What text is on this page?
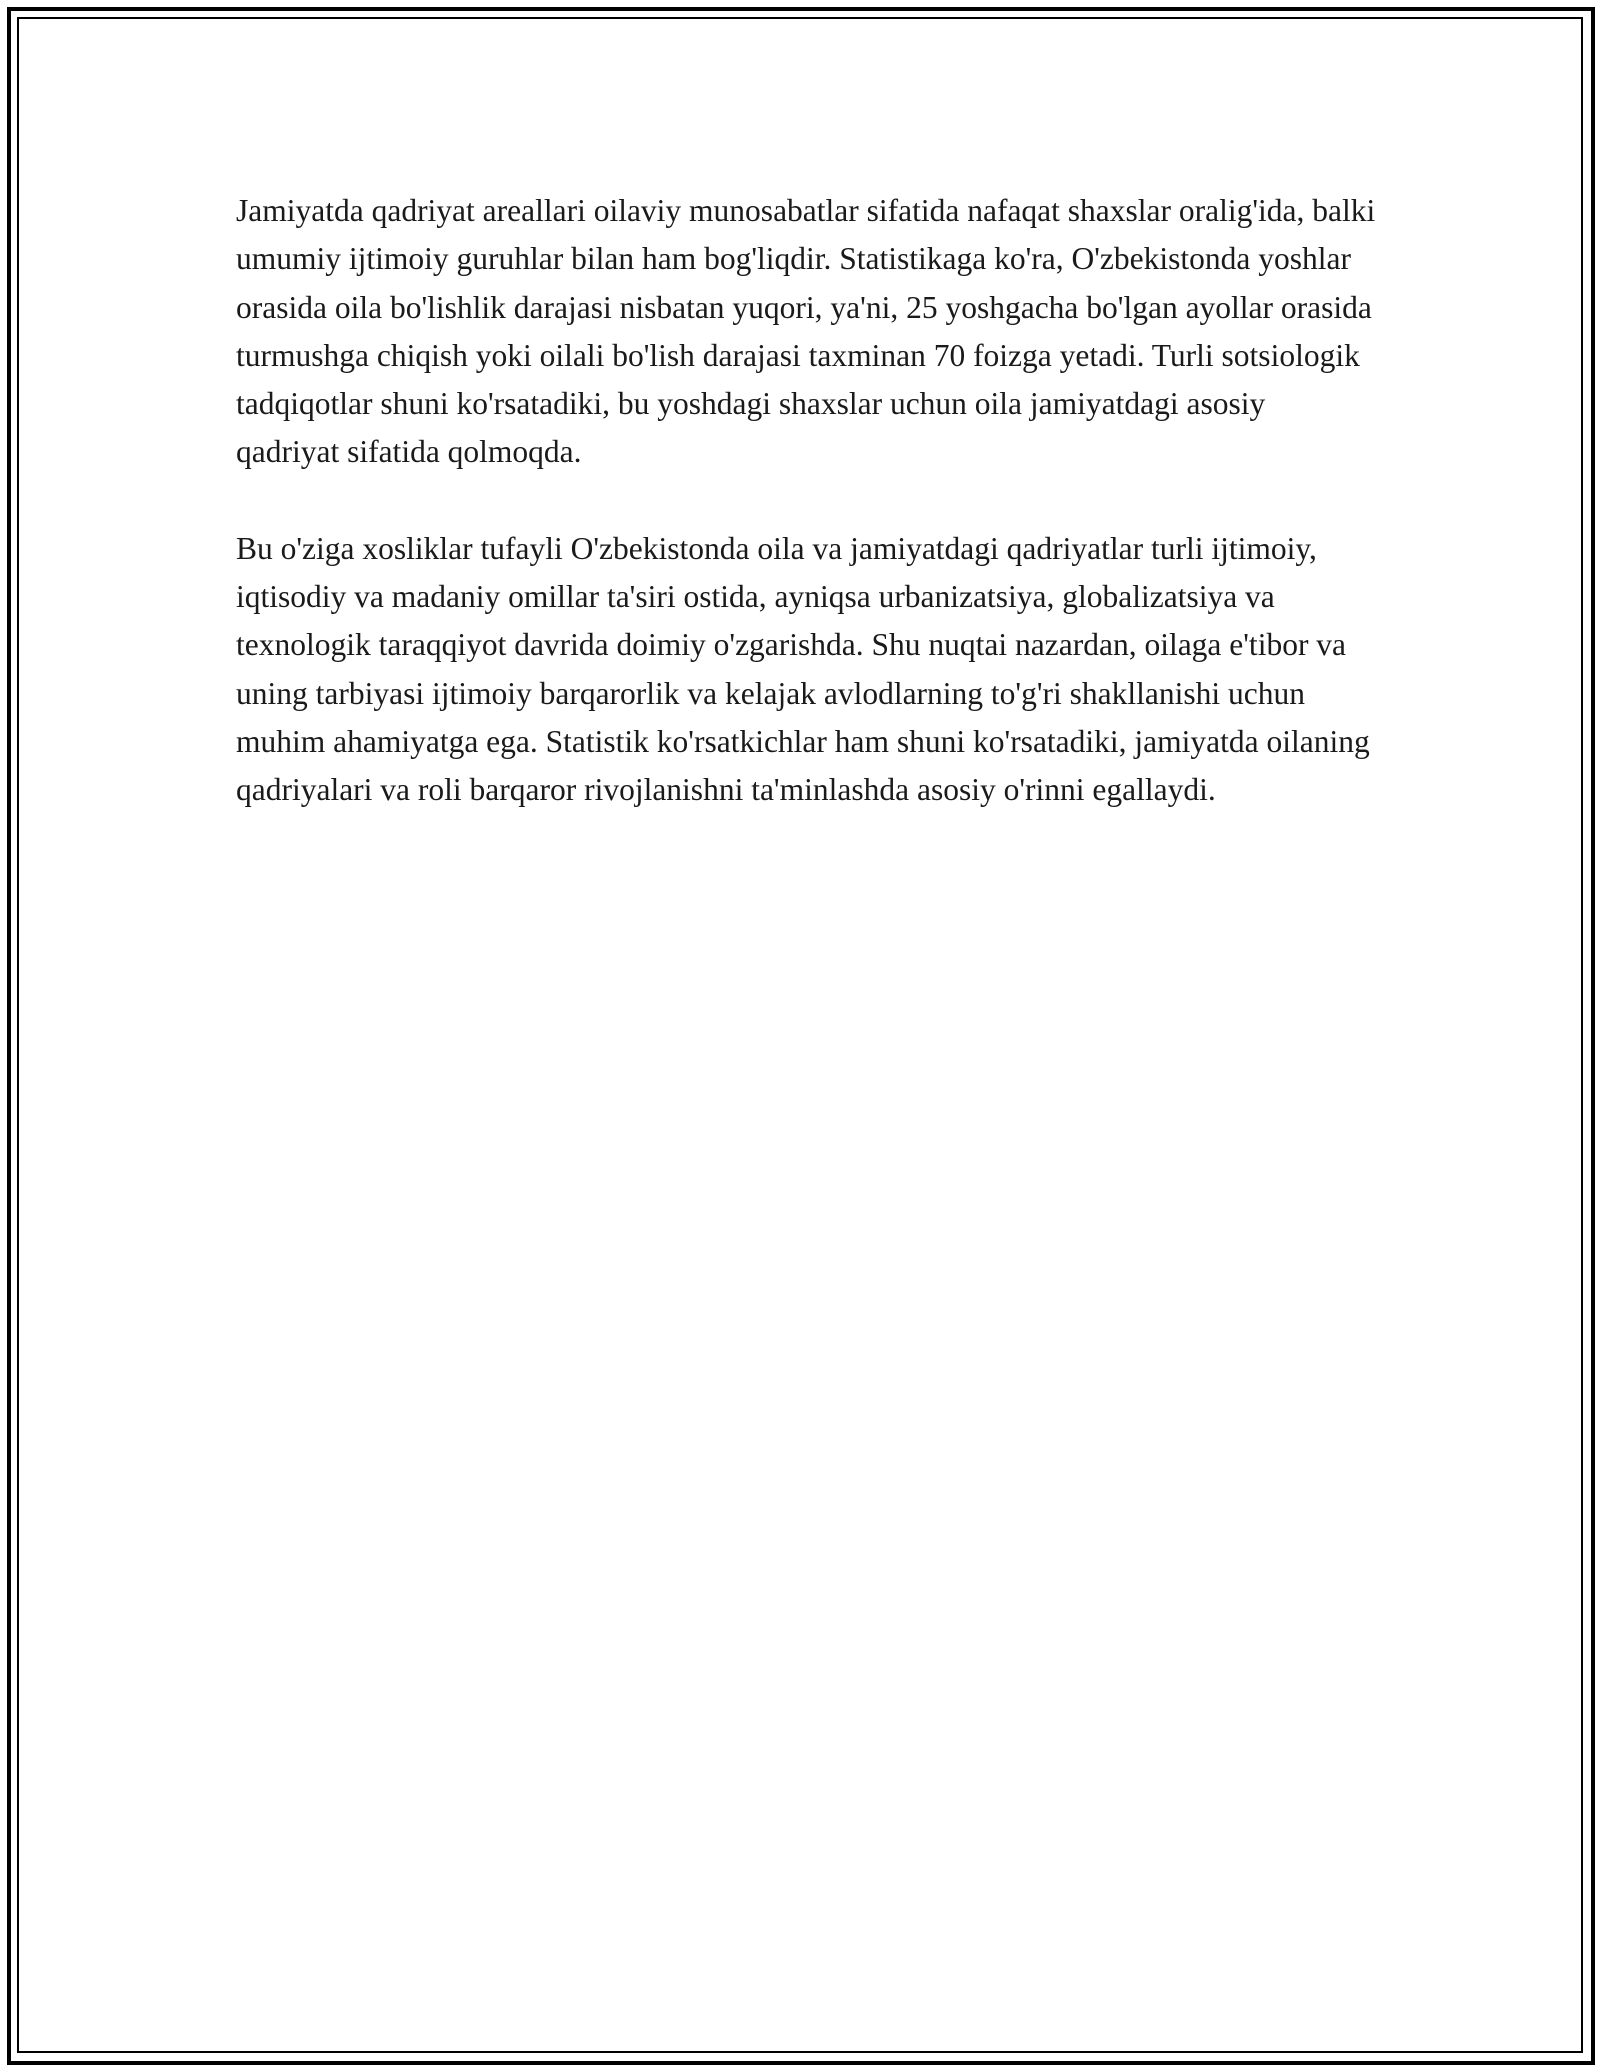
Jamiyatda qadriyat areallari oilaviy munosabatlar sifatida nafaqat shaxslar oralig'ida, balki umumiy ijtimoiy guruhlar bilan ham bog'liqdir. Statistikaga ko'ra, O'zbekistonda yoshlar orasida oila bo'lishlik darajasi nisbatan yuqori, ya'ni, 25 yoshgacha bo'lgan ayollar orasida turmushga chiqish yoki oilali bo'lish darajasi taxminan 70 foizga yetadi. Turli sotsiologik tadqiqotlar shuni ko'rsatadiki, bu yoshdagi shaxslar uchun oila jamiyatdagi asosiy qadriyat sifatida qolmoqda.

Bu o'ziga xosliklar tufayli O'zbekistonda oila va jamiyatdagi qadriyatlar turli ijtimoiy, iqtisodiy va madaniy omillar ta'siri ostida, ayniqsa urbanizatsiya, globalizatsiya va texnologik taraqqiyot davrida doimiy o'zgarishda. Shu nuqtai nazardan, oilaga e'tibor va uning tarbiyasi ijtimoiy barqarorlik va kelajak avlodlarning to'g'ri shakllanishi uchun muhim ahamiyatga ega. Statistik ko'rsatkichlar ham shuni ko'rsatadiki, jamiyatda oilaning qadriyalari va roli barqaror rivojlanishni ta'minlashda asosiy o'rinni egallaydi.
